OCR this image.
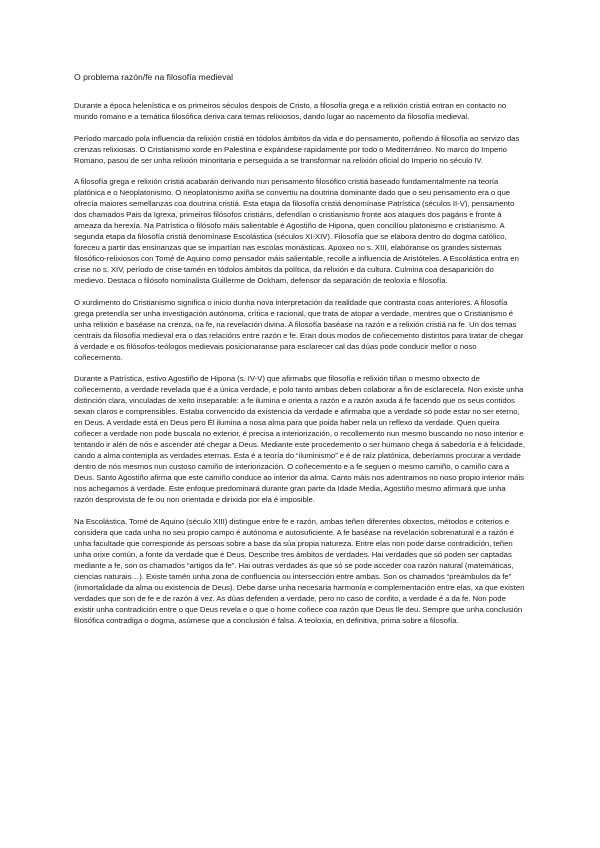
O problema razón/fe na filosofía medieval

Durante a época helenística e os primeiros séculos despois de Cristo, a filosofía grega e a relixión cristiá entran en contacto no mundo romano e a temática filosófica deriva cara temas relixiosos, dando lugar ao nacemento da filosofía medieval.

Período marcado pola influencia da relixión cristiá en tódolos ámbitos da vida e do pensamento, poñendo á filosofía ao servizo das crenzas relixiosas. O Cristianismo xorde en Palestina e expándese rapidamente por todo o Mediterráneo. No marco do Imperio Romano, pasou de ser unha relixión minoritaria e perseguida a se transformar na relixión oficial do Imperio no século IV.

A filosofía grega e relixión cristiá acabarán derivando nun pensamento filosófico cristiá baseado fundamentalmente na teoría platónica e o Neoplatonismo. O neoplatonismo axiña se convertiu na doutrina dominante dado que o seu pensamento era o que ofrecía maiores semellanzas coa doutrina cristiá. Esta etapa da filosofía cristiá denomínase Patrística (séculos II-V), pensamento dos chamados Pais da Igrexa, primeiros filósofos cristiáns, defendían o cristianismo fronte aos ataques dos pagáns e fronte á ameaza da herexía. Na Patrística o filósofo máis salientable é Agostiño de Hipona, quen concilíou platonismo e cristianismo. A segunda etapa da filosofía cristiá denomínase Escolástica (séculos XI-XIV). Filosofía que se elabora dentro do dogma católico, foreceu a partir das ensinanzas que se impartían nas escolas monásticas. Apoxeo no s. XIII, elabóranse os grandes sistemas filosófico-relixiosos con Tomé de Aquino como pensador máis salientable, recolle a influencia de Aristóteles. A Escolástica entra en crise no s. XIV, período de crise tamén en tódolos ámbitos da política, da relixión e da cultura. Culmina coa desaparición do medievo. Destaca o filósofo nominalista Guillerme de Ockham, defensor da separación de teoloxía e filosofía.

O xurdimento do Cristianismo significa o inicio dunha nova interpretación da realidade que contrasta coas anteriores. A filosofía grega pretendía ser unha investigación autónoma, crítica e racional, que trata de atopar a verdade, mentres que o Cristianismo é unha relixión e baséase na crenza, na fe, na revelación divina. A filosofía baséase na razón e a relixión cristiá na fe. Un dos temas centrais da filosofía medieval era o das relacións entre razón e fe. Eran dous modos de coñecemento distintos para tratar de chegar á verdade e os filósofos-teólogos medievais posicionaranse para esclarecer cal das dúas pode conducir mellor o noso coñecemento.

Durante a Patrística, estivo Agostiño de Hipona (s. IV-V) que afirmabs que filosofía e relixión tiñan o mesmo obxecto de coñecemento, a verdade revelada que é a única verdade, e polo tanto ambas deben colaborar a fin de esclarecela. Non existe unha distinción clara, vinculadas de xeito inseparable: a fe ilumina e orienta a razón e a razón axuda á fe facendo que os seus contidos sexan claros e comprensibles. Estaba convencido da existencia da verdade e afirmaba que a verdade só pode estar no ser eterno, en Deus. A verdade está en Deus pero Él ilumina a nosa alma para que poida haber nela un reflexo da verdade. Quen queira coñecer a verdade non pode buscala no exterior, é precisa a interiorización, o recollemento nun mesmo buscando no noso interior e tentando ir alén de nós e ascender até chegar a Deus. Mediante este procedemento o ser humano chega á sabedoría e á felicidade, cando a alma contempla as verdades eternas. Esta é a teoría do “iluminismo” e é de raíz platónica, deberíamos procurar a verdade dentro de nós mesmos nun custoso camiño de interiorización. O coñecemento e a fe seguen o mesmo camiño, o camiño cara a Deus. Santo Agostiño afirma que este camiño conduce ao interior da alma. Canto máis nos adentramos no noso propio interior máis nos achegamos á verdade. Este enfoque predominará durante gran parte da Idade Media, Agostiño mesmo afirmará que unha razón desprovista de fe ou non orientada e dirixida por ela é imposible.

Na Escolástica, Tomé de Aquino (século XIII) distingue entre fe e razón, ambas teñen diferentes obxectos, métodos e criterios e considera que cada unha no seu propio campo é autónoma e autosuficiente. A fe baséase na revelación sobrenatural e a razón é unha facultade que corresponde ás persoas sobre a base da súa propia natureza. Entre elas non pode darse contradición, teñen unha orixe común, a fonte da verdade que é Deus. Describe tres ámbitos de verdades. Hai verdades que só poden ser captadas mediante a fe, son os chamados “artigos da fe”. Hai outras verdades ás que só se pode acceder coa razón natural (matemáticas, ciencias naturais…). Existe tamén unha zona de confluencia ou intersección entre ambas. Son os chamados “preámbulos da fe” (inmortalidade da alma ou existencia de Deus). Debe darse unha necesaria harmonía e complementación entre elas, xa que existen verdades que son de fe e de razón á vez. As dúas defenden a verdade, pero no caso de confito, a verdade é a da fe. Non pode existir unha contradición entre o que Deus revela e o que o home coñece coa razón que Deus lle deu. Sempre que unha conclusión filosófica contradiga o dogma, asúmese que a conclusión é falsa. A teoloxía, en definitiva, prima sobre a filosofía.
